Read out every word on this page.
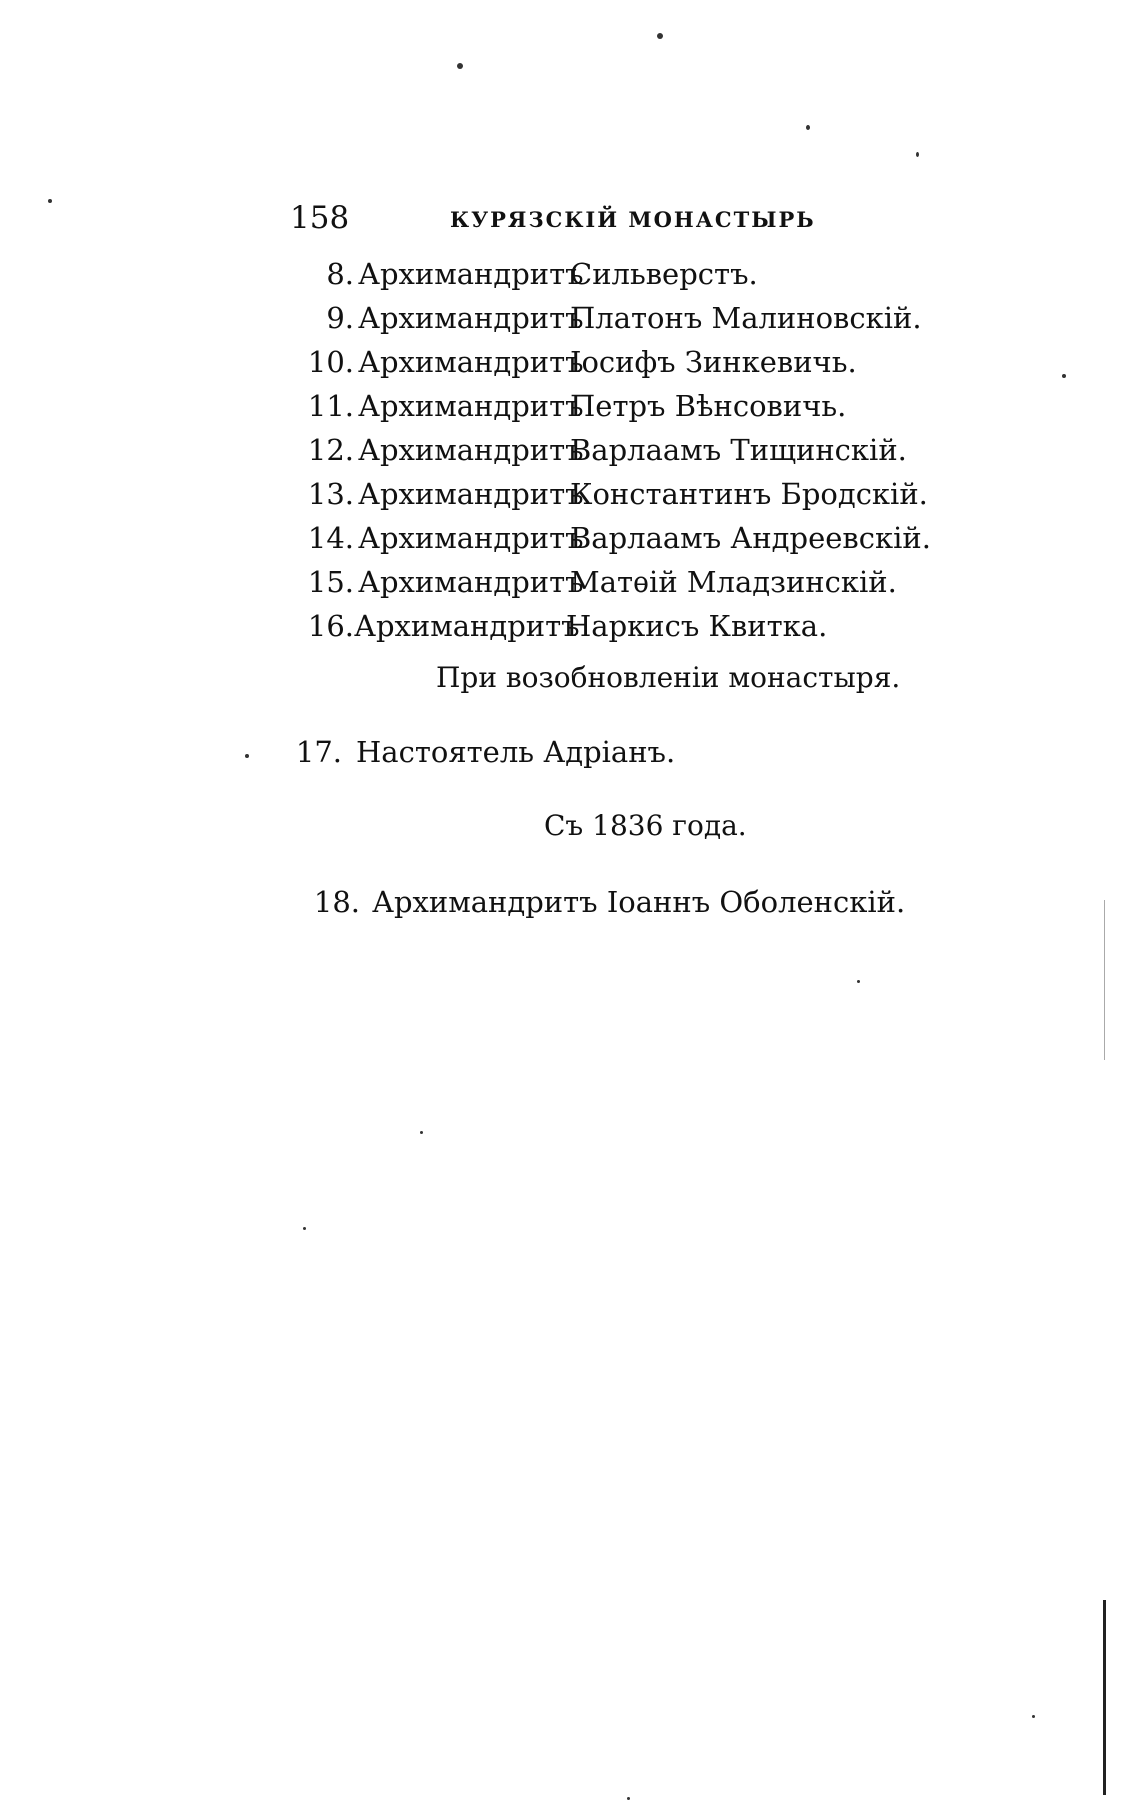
158	КУРЯЗСКІЙ МОНАСТЫРЬ
8. Архимандритъ
Сильверстъ.
9. Архимандритъ
Платонъ Малиновскій.
10. Архимандритъ
Іосифъ Зинкевичь.
11. Архимандритъ
Петръ Вѣнсовичь.
12. Архимандритъ
Варлаамъ Тищинскій.
13. Архимандритъ
Константинъ Бродскій.
14. Архимандритъ
Варлаамъ Андреевскій.
15. Архимандритъ
Матѳій Младзинскій.
16. Архимандритъ
Наркисъ Квитка.
При возобновленіи монастыря.
17. Настоятель Адріанъ.
Съ 1836 года.
18. Архимандритъ Іоаннъ Оболенскій.
